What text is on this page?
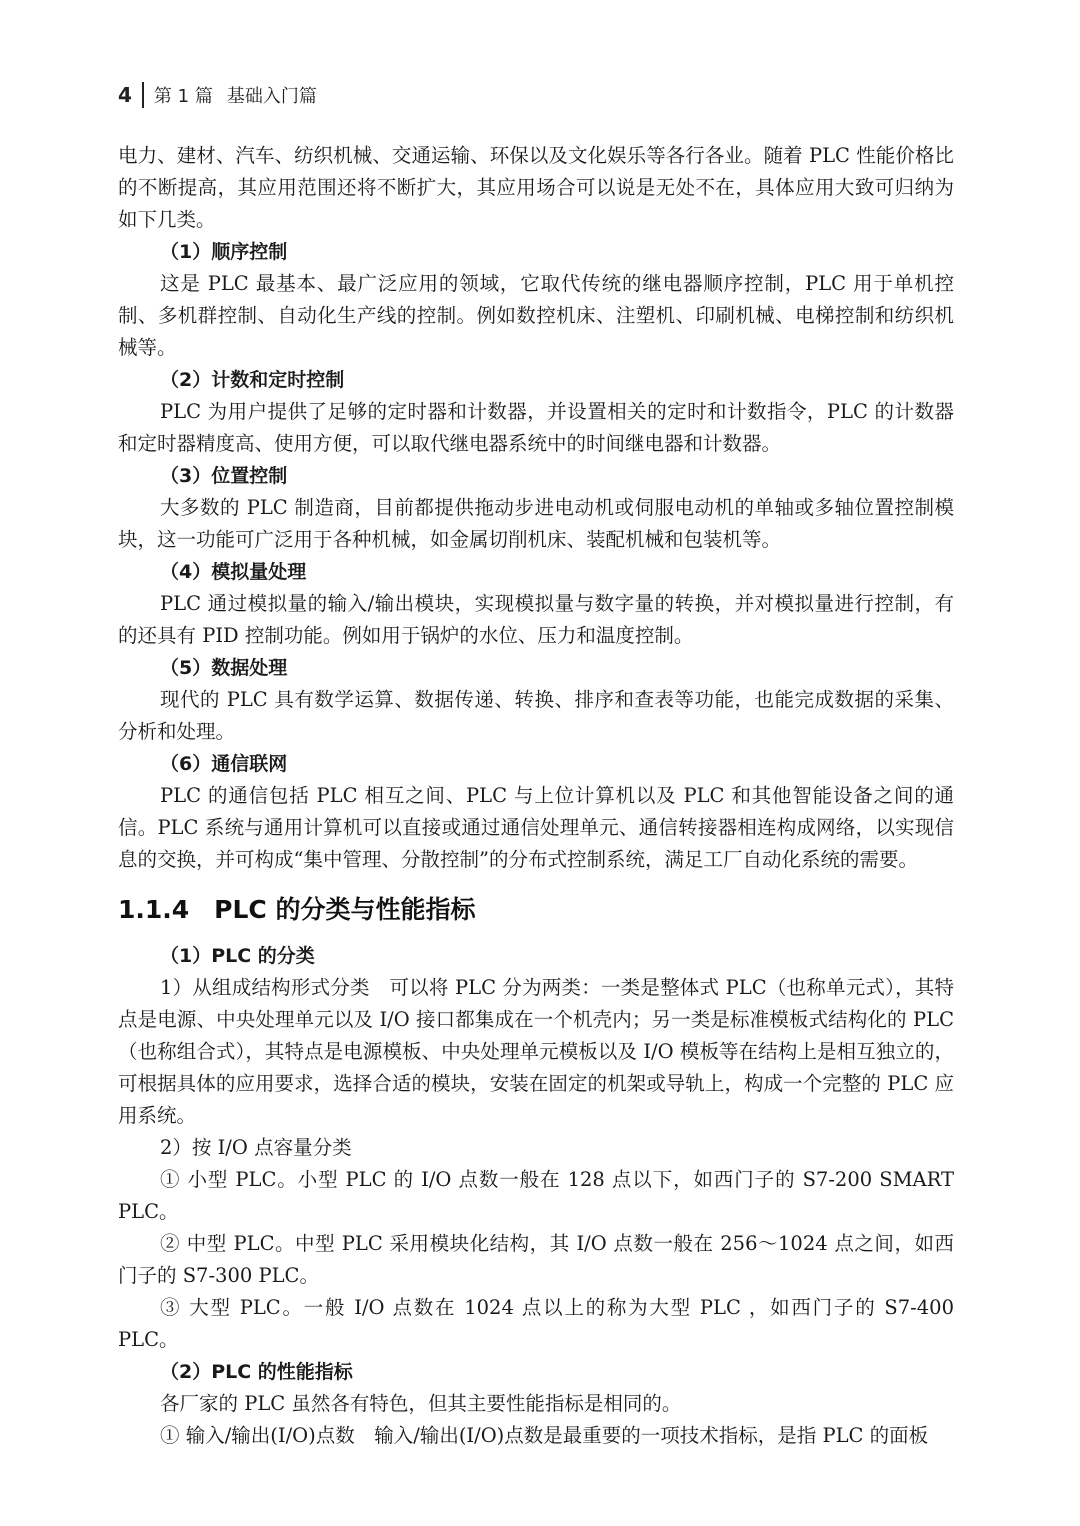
4	第 1 篇 基础入门篇

电力、建材、汽车、纺织机械、交通运输、环保以及文化娱乐等各行各业。随着 PLC 性能价格比的不断提高，其应用范围还将不断扩大，其应用场合可以说是无处不在，具体应用大致可归纳为如下几类。

（1）顺序控制

这是 PLC 最基本、最广泛应用的领域，它取代传统的继电器顺序控制，PLC 用于单机控制、多机群控制、自动化生产线的控制。例如数控机床、注塑机、印刷机械、电梯控制和纺织机械等。

（2）计数和定时控制

PLC 为用户提供了足够的定时器和计数器，并设置相关的定时和计数指令，PLC 的计数器和定时器精度高、使用方便，可以取代继电器系统中的时间继电器和计数器。

（3）位置控制

大多数的 PLC 制造商，目前都提供拖动步进电动机或伺服电动机的单轴或多轴位置控制模块，这一功能可广泛用于各种机械，如金属切削机床、装配机械和包装机等。

（4）模拟量处理

PLC 通过模拟量的输入/输出模块，实现模拟量与数字量的转换，并对模拟量进行控制，有的还具有 PID 控制功能。例如用于锅炉的水位、压力和温度控制。

（5）数据处理

现代的 PLC 具有数学运算、数据传递、转换、排序和查表等功能，也能完成数据的采集、分析和处理。

（6）通信联网

PLC 的通信包括 PLC 相互之间、PLC 与上位计算机以及 PLC 和其他智能设备之间的通信。PLC 系统与通用计算机可以直接或通过通信处理单元、通信转接器相连构成网络，以实现信息的交换，并可构成“集中管理、分散控制”的分布式控制系统，满足工厂自动化系统的需要。

1.1.4　PLC 的分类与性能指标

（1）PLC 的分类

1）从组成结构形式分类　可以将 PLC 分为两类：一类是整体式 PLC（也称单元式），其特点是电源、中央处理单元以及 I/O 接口都集成在一个机壳内；另一类是标准模板式结构化的 PLC（也称组合式），其特点是电源模板、中央处理单元模板以及 I/O 模板等在结构上是相互独立的，可根据具体的应用要求，选择合适的模块，安装在固定的机架或导轨上，构成一个完整的 PLC 应用系统。

2）按 I/O 点容量分类

① 小型 PLC。小型 PLC 的 I/O 点数一般在 128 点以下，如西门子的 S7-200 SMART PLC。

② 中型 PLC。中型 PLC 采用模块化结构，其 I/O 点数一般在 256～1024 点之间，如西门子的 S7-300 PLC。

③ 大型 PLC。一般 I/O 点数在 1024 点以上的称为大型 PLC ，如西门子的 S7-400 PLC。

（2）PLC 的性能指标

各厂家的 PLC 虽然各有特色，但其主要性能指标是相同的。

① 输入/输出(I/O)点数　输入/输出(I/O)点数是最重要的一项技术指标，是指 PLC 的面板
